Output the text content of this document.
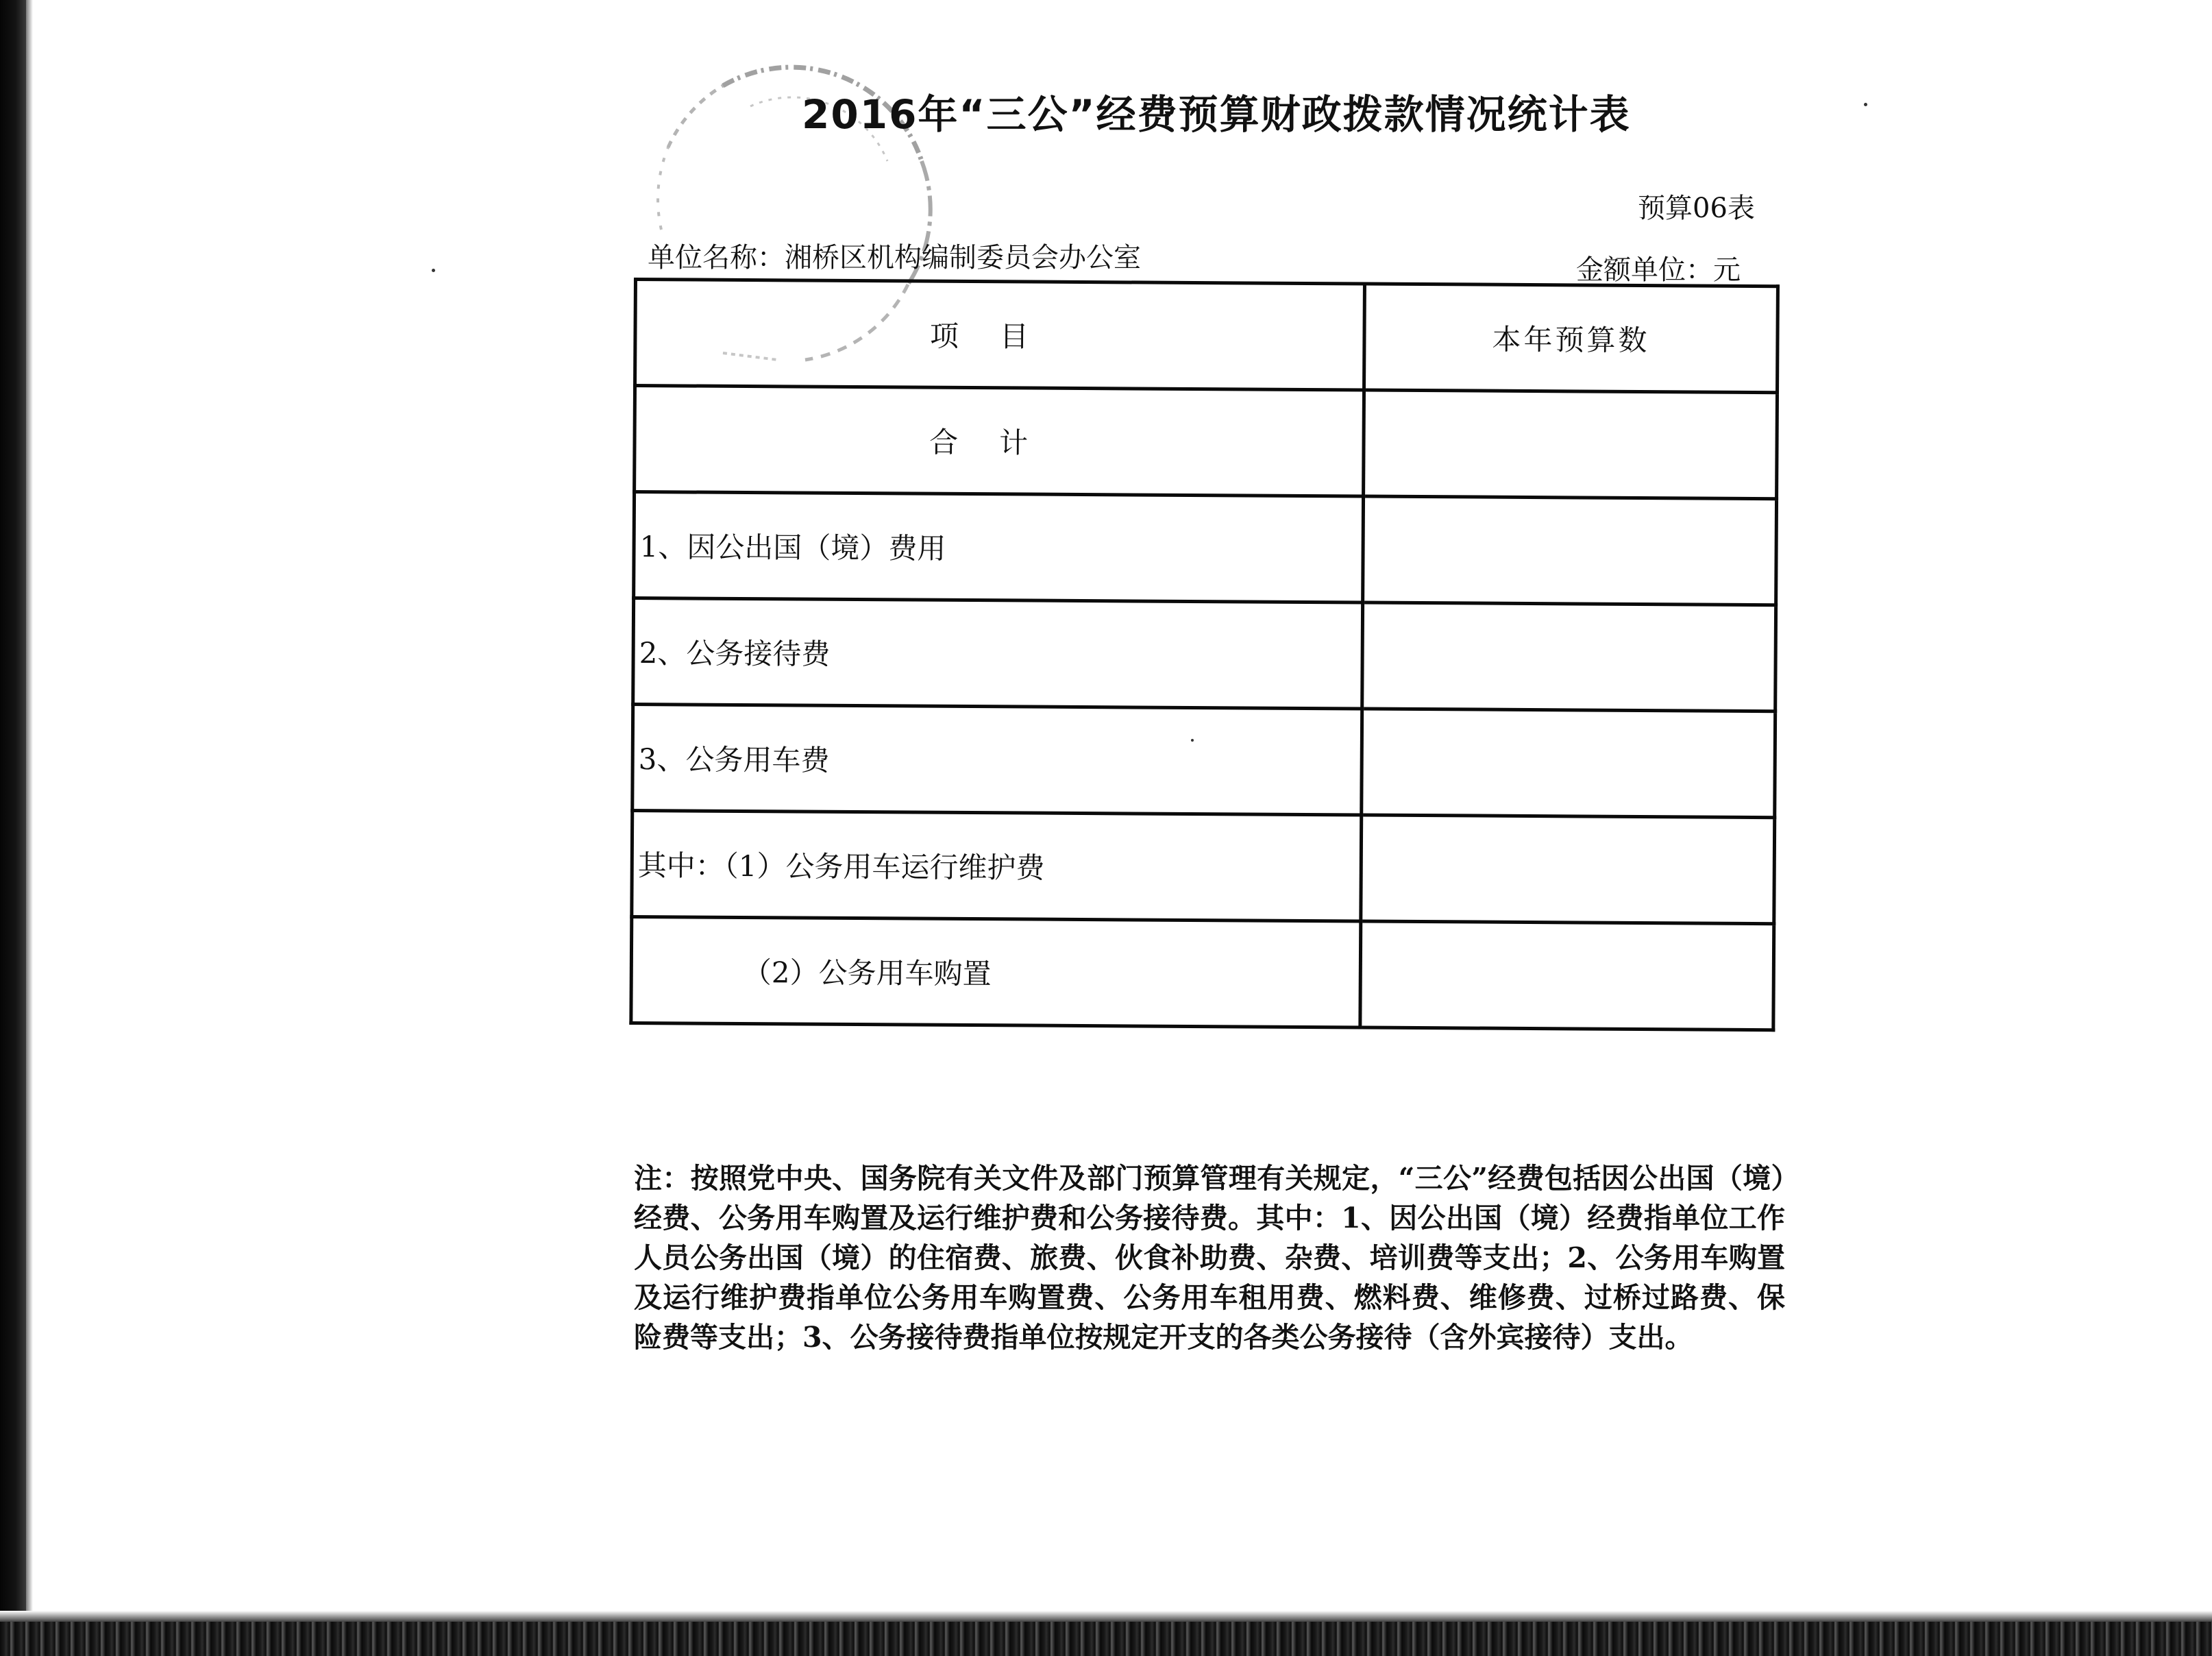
2016年“三公”经费预算财政拨款情况统计表
预算06表
单位名称：湘桥区机构编制委员会办公室	金额单位：元
项目	本年预算数
合计	
1、因公出国（境）费用	
2、公务接待费	
3、公务用车费	
其中：（1）公务用车运行维护费	
（2）公务用车购置	
注：按照党中央、国务院有关文件及部门预算管理有关规定，“三公”经费包括因公出国（境）经费、公务用车购置及运行维护费和公务接待费。其中：1、因公出国（境）经费指单位工作人员公务出国（境）的住宿费、旅费、伙食补助费、杂费、培训费等支出；2、公务用车购置及运行维护费指单位公务用车购置费、公务用车租用费、燃料费、维修费、过桥过路费、保险费等支出；3、公务接待费指单位按规定开支的各类公务接待（含外宾接待）支出。
